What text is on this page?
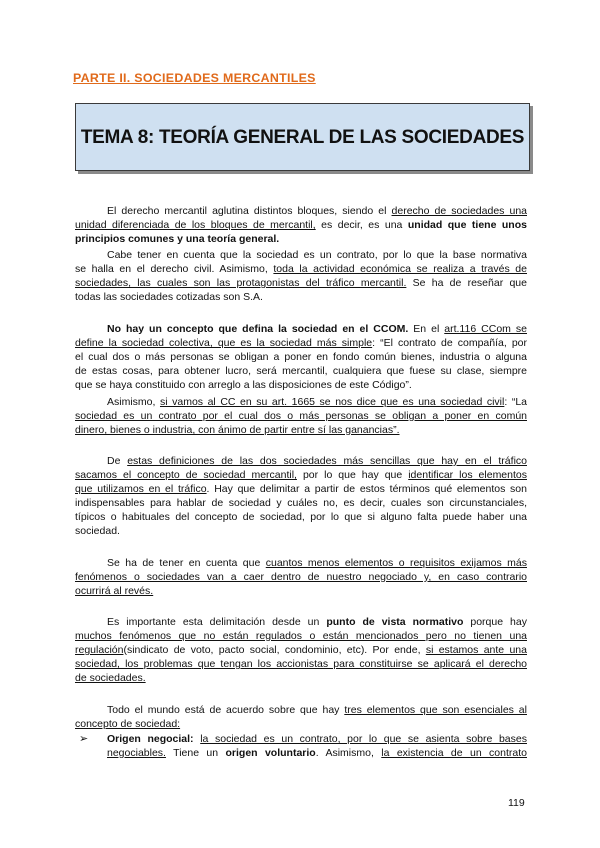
PARTE II. SOCIEDADES MERCANTILES
TEMA 8: TEORÍA GENERAL DE LAS SOCIEDADES
El derecho mercantil aglutina distintos bloques, siendo el derecho de sociedades una
unidad diferenciada de los bloques de mercantil, es decir, es una unidad que tiene unos
principios comunes y una teoría general.
Cabe tener en cuenta que la sociedad es un contrato, por lo que la base normativa
se halla en el derecho civil. Asimismo, toda la actividad económica se realiza a través de
sociedades, las cuales son las protagonistas del tráfico mercantil. Se ha de reseñar que
todas las sociedades cotizadas son S.A.
No hay un concepto que defina la sociedad en el CCOM. En el art.116 CCom se
define la sociedad colectiva, que es la sociedad más simple: “El contrato de compañía, por
el cual dos o más personas se obligan a poner en fondo común bienes, industria o alguna
de estas cosas, para obtener lucro, será mercantil, cualquiera que fuese su clase, siempre
que se haya constituido con arreglo a las disposiciones de este Código”.
Asimismo, si vamos al CC en su art. 1665 se nos dice que es una sociedad civil: “La
sociedad es un contrato por el cual dos o más personas se obligan a poner en común
dinero, bienes o industria, con ánimo de partir entre sí las ganancias”.
De estas definiciones de las dos sociedades más sencillas que hay en el tráfico
sacamos el concepto de sociedad mercantil, por lo que hay que identificar los elementos
que utilizamos en el tráfico. Hay que delimitar a partir de estos términos qué elementos son
indispensables para hablar de sociedad y cuáles no, es decir, cuales son circunstanciales,
típicos o habituales del concepto de sociedad, por lo que si alguno falta puede haber una
sociedad.
Se ha de tener en cuenta que cuantos menos elementos o requisitos exijamos más
fenómenos o sociedades van a caer dentro de nuestro negociado y, en caso contrario
ocurrirá al revés.
Es importante esta delimitación desde un punto de vista normativo porque hay
muchos fenómenos que no están regulados o están mencionados pero no tienen una
regulación(sindicato de voto, pacto social, condominio, etc). Por ende, si estamos ante una
sociedad, los problemas que tengan los accionistas para constituirse se aplicará el derecho
de sociedades.
Todo el mundo está de acuerdo sobre que hay tres elementos que son esenciales al
concepto de sociedad:
➢ Origen negocial: la sociedad es un contrato, por lo que se asienta sobre bases
negociables. Tiene un origen voluntario. Asimismo, la existencia de un contrato
119
